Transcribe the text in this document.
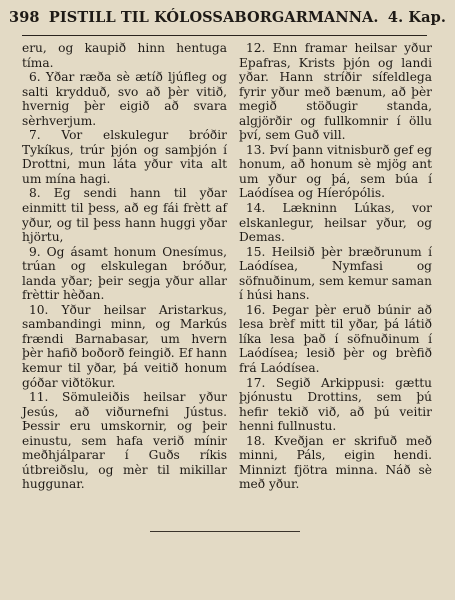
398 PISTILL TIL KÓLOSSABORGARMANNA. 4. Kap.

eru, og kaupið hinn hentuga tíma.

6. Yðar ræða sè ætíð ljúfleg og salti krydduð, svo að þèr vitið, hvernig þèr eigið að svara sèrhverjum.

7. Vor elskulegur bróðir Tykíkus, trúr þjón og samþjón í Drottni, mun láta yður vita alt um mína hagi.

8. Eg sendi hann til yðar einmitt til þess, að eg fái frètt af yður, og til þess hann huggi yðar hjörtu,

9. Og ásamt honum Onesímus, trúan og elskulegan bróður, landa yðar; þeir segja yður allar frèttir hèðan.

10. Yður heilsar Aristarkus, sambandingi minn, og Markús frændi Barnabasar, um hvern þèr hafið boðorð feingið. Ef hann kemur til yðar, þá veitið honum góðar viðtökur.

11. Sömuleiðis heilsar yður Jesús, að viðurnefni Jústus. Þessir eru umskornir, og þeir einustu, sem hafa verið mínir meðhjálparar í Guðs ríkis útbreiðslu, og mèr til mikillar huggunar.

12. Enn framar heilsar yður Epafras, Krists þjón og landi yðar. Hann stríðir sífeldlega fyrir yður með bænum, að þèr megið stöðugir standa, algjörðir og fullkomnir í öllu því, sem Guð vill.

13. Því þann vitnisburð gef eg honum, að honum sè mjög ant um yður og þá, sem búa í Laódísea og Híerópólis.

14. Lækninn Lúkas, vor elskanlegur, heilsar yður, og Demas.

15. Heilsið þèr bræðrunum í Laódísea, Nymfasi og söfnuðinum, sem kemur saman í húsi hans.

16. Þegar þèr eruð búnir að lesa brèf mitt til yðar, þá látið líka lesa það í söfnuðinum í Laódísea; lesið þèr og brèfið frá Laódísea.

17. Segið Arkippusi: gættu þjónustu Drottins, sem þú hefir tekið við, að þú veitir henni fullnustu.

18. Kveðjan er skrifuð með minni, Páls, eigin hendi. Minnizt fjötra minna. Náð sè með yður.
